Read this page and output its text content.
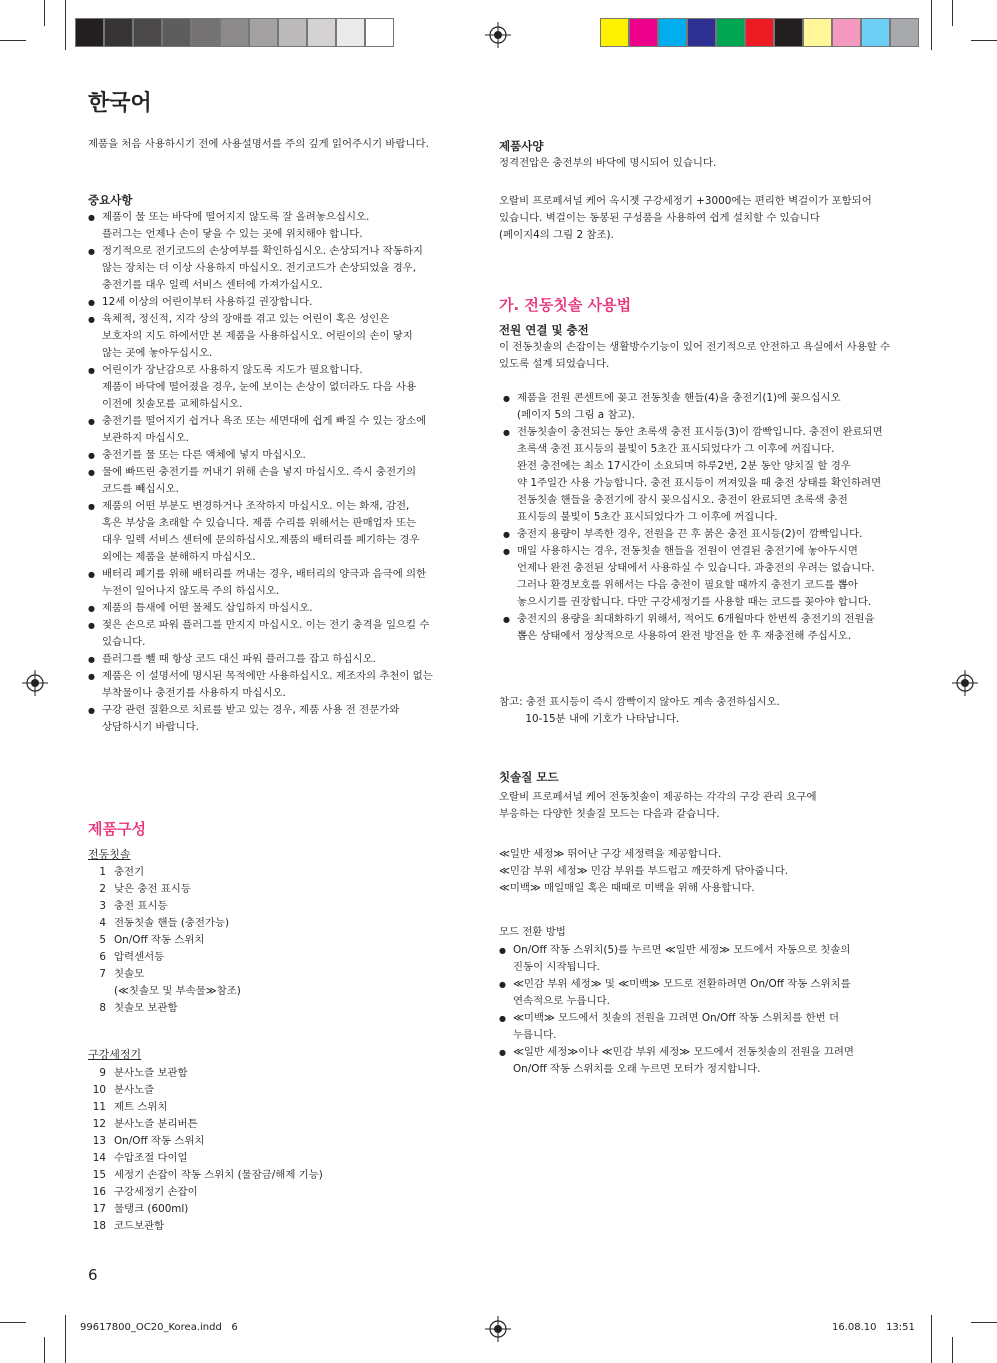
한국어

제품을 처음 사용하시기 전에 사용설명서를 주의 깊게 읽어주시기 바랍니다.

중요사항

● 제품이 물 또는 바닥에 떨어지지 않도록 잘 올려놓으십시오.
플러그는 언제나 손이 닿을 수 있는 곳에 위치해야 합니다.
● 정기적으로 전기코드의 손상여부를 확인하십시오. 손상되거나 작동하지
않는 장치는 더 이상 사용하지 마십시오. 전기코드가 손상되었을 경우,
충전기를 대우 일렉 서비스 센터에 가져가십시오.
● 12세 이상의 어린이부터 사용하길 권장합니다.
● 육체적, 정신적, 지각 상의 장애를 겪고 있는 어린이 혹은 성인은
보호자의 지도 하에서만 본 제품을 사용하십시오. 어린이의 손이 닿지
않는 곳에 놓아두십시오.
● 어린이가 장난감으로 사용하지 않도록 지도가 필요합니다.
제품이 바닥에 떨어졌을 경우, 눈에 보이는 손상이 없더라도 다음 사용
이전에 칫솔모를 교체하십시오.
● 충전기를 떨어지기 쉽거나 욕조 또는 세면대에 쉽게 빠질 수 있는 장소에
보관하지 마십시오.
● 충전기를 물 또는 다른 액체에 넣지 마십시오.
● 물에 빠뜨린 충전기를 꺼내기 위해 손을 넣지 마십시오. 즉시 충전기의
코드를 빼십시오.
● 제품의 어떤 부분도 변경하거나 조작하지 마십시오. 이는 화재, 감전,
혹은 부상을 초래할 수 있습니다. 제품 수리를 위해서는 판매업자 또는
대우 일렉 서비스 센터에 문의하십시오.제품의 배터리를 폐기하는 경우
외에는 제품을 분해하지 마십시오.
● 배터리 폐기를 위해 배터리를 꺼내는 경우, 배터리의 양극과 음극에 의한
누전이 일어나지 않도록 주의 하십시오.
● 제품의 틈새에 어떤 물체도 삽입하지 마십시오.
● 젖은 손으로 파워 플러그를 만지지 마십시오. 이는 전기 충격을 일으킬 수
있습니다.
● 플러그를 뺄 때 항상 코드 대신 파워 플러그를 잡고 하십시오.
● 제품은 이 설명서에 명시된 목적에만 사용하십시오. 제조자의 추천이 없는
부착물이나 충전기를 사용하지 마십시오.
● 구강 관련 질환으로 치료를 받고 있는 경우, 제품 사용 전 전문가와
상담하시기 바랍니다.

제품구성

전동칫솔

1 충전기
2 낮은 충전 표시등
3 충전 표시등
4 전동칫솔 핸들 (충전가능)
5 On/Off 작동 스위치
6 압력센서등
7 칫솔모
(≪칫솔모 및 부속물≫참조)
8 칫솔모 보관함

구강세정기

9 분사노즐 보관함
10 분사노즐
11 제트 스위치
12 분사노즐 분리버튼
13 On/Off 작동 스위치
14 수압조절 다이얼
15 세정기 손잡이 작동 스위치 (물잠금/해제 기능)
16 구강세정기 손잡이
17 물탱크 (600ml)
18 코드보관함

6

제품사양

정격전압은 충전부의 바닥에 명시되어 있습니다.

오랄비 프로페셔널 케어 옥시젯 구강세정기 +3000에는 편리한 벽걸이가 포함되어
있습니다. 벽걸이는 동봉된 구성품을 사용하여 쉽게 설치할 수 있습니다
(페이지4의 그림 2 참조).

가. 전동칫솔 사용법

전원 연결 및 충전

이 전동칫솔의 손잡이는 생활방수기능이 있어 전기적으로 안전하고 욕실에서 사용할 수
있도록 설계 되었습니다.

● 제품을 전원 콘센트에 꽂고 전동칫솔 핸들(4)을 충전기(1)에 꽂으십시오
(페이지 5의 그림 a 참고).
● 전동칫솔이 충전되는 동안 초록색 충전 표시등(3)이 깜빡입니다. 충전이 완료되면
초록색 충전 표시등의 불빛이 5초간 표시되었다가 그 이후에 꺼집니다.
완전 충전에는 최소 17시간이 소요되며 하루2번, 2분 동안 양치질 할 경우
약 1주일간 사용 가능합니다. 충전 표시등이 꺼져있을 때 충전 상태를 확인하려면
전동칫솔 핸들을 충전기에 잠시 꽂으십시오. 충전이 완료되면 초록색 충전
표시등의 불빛이 5초간 표시되었다가 그 이후에 꺼집니다.
● 충전지 용량이 부족한 경우, 전원을 끈 후 붉은 충전 표시등(2)이 깜빡입니다.
● 매일 사용하시는 경우, 전동칫솔 핸들을 전원이 연결된 충전기에 놓아두시면
언제나 완전 충전된 상태에서 사용하실 수 있습니다. 과충전의 우려는 없습니다.
그러나 환경보호를 위해서는 다음 충전이 필요할 때까지 충전기 코드를 뽑아
놓으시기를 권장합니다. 다만 구강세정기를 사용할 때는 코드를 꽂아야 합니다.
● 충전지의 용량을 최대화하기 위해서, 적어도 6개월마다 한번씩 충전기의 전원을
뽑은 상태에서 정상적으로 사용하여 완전 방전을 한 후 재충전해 주십시오.

참고: 충전 표시등이 즉시 깜빡이지 않아도 계속 충전하십시오.
10-15분 내에 기호가 나타납니다.

칫솔질 모드

오랄비 프로페셔널 케어 전동칫솔이 제공하는 각각의 구강 관리 요구에
부응하는 다양한 칫솔질 모드는 다음과 같습니다.

≪일반 세정≫ 뛰어난 구강 세정력을 제공합니다.
≪민감 부위 세정≫ 민감 부위를 부드럽고 깨끗하게 닦아줍니다.
≪미백≫ 매일매일 혹은 때때로 미백을 위해 사용합니다.

모드 전환 방법

● On/Off 작동 스위치(5)를 누르면 ≪일반 세정≫ 모드에서 자동으로 칫솔의
진동이 시작됩니다.
● ≪민감 부위 세정≫ 및 ≪미백≫ 모드로 전환하려면 On/Off 작동 스위치를
연속적으로 누릅니다.
● ≪미백≫ 모드에서 칫솔의 전원을 끄려면 On/Off 작동 스위치를 한번 더
누릅니다.
● ≪일반 세정≫이나 ≪민감 부위 세정≫ 모드에서 전동칫솔의 전원을 끄려면
On/Off 작동 스위치를 오래 누르면 모터가 정지합니다.

99617800_OC20_Korea.indd   6	16.08.10   13:51
